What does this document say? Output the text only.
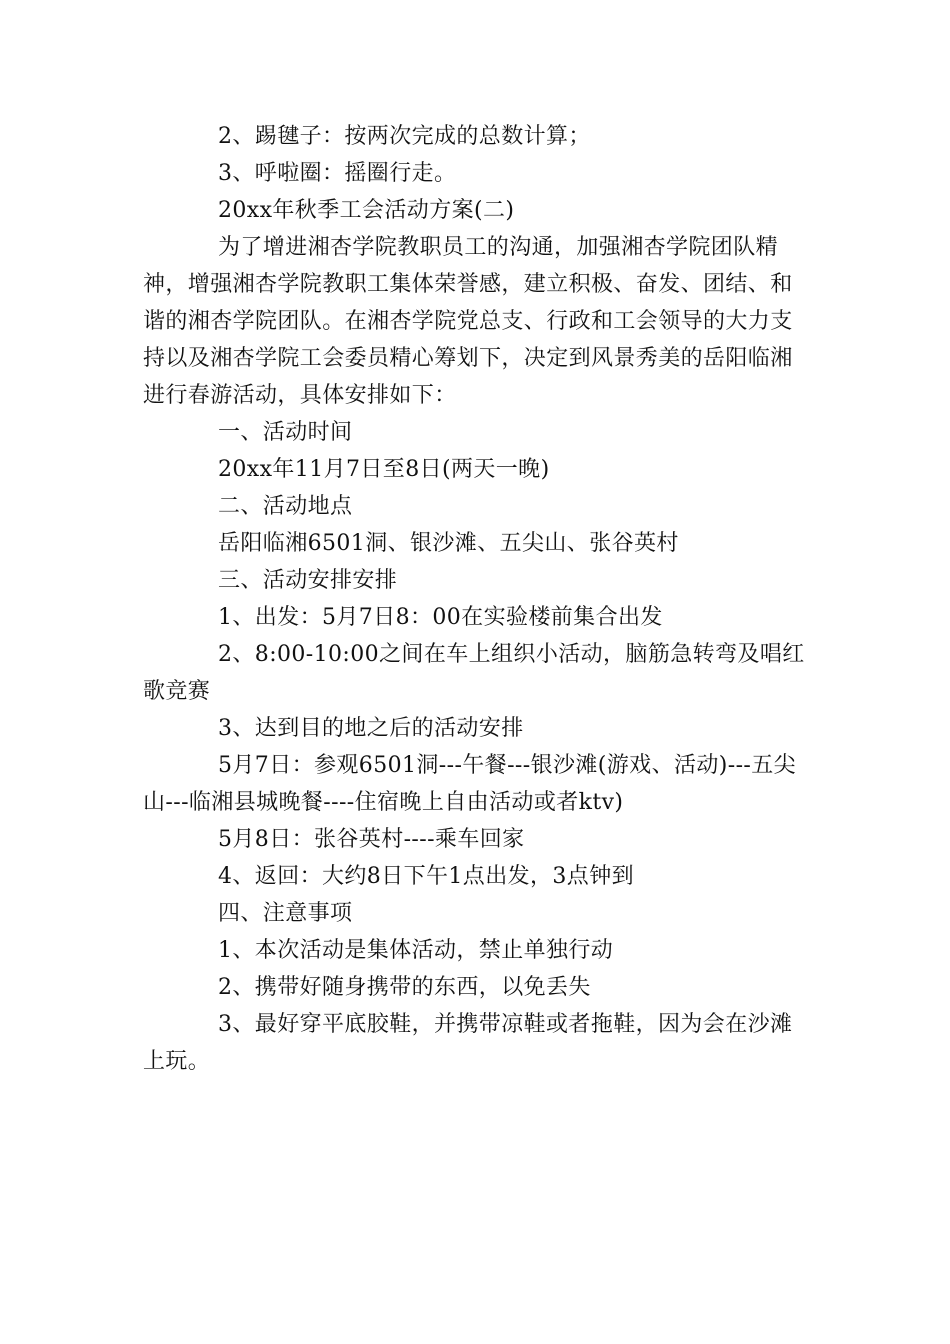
2、踢毽子：按两次完成的总数计算；

3、呼啦圈：摇圈行走。

20xx年秋季工会活动方案(二)

为了增进湘杏学院教职员工的沟通，加强湘杏学院团队精神，增强湘杏学院教职工集体荣誉感，建立积极、奋发、团结、和谐的湘杏学院团队。在湘杏学院党总支、行政和工会领导的大力支持以及湘杏学院工会委员精心筹划下，决定到风景秀美的岳阳临湘进行春游活动，具体安排如下：

一、活动时间

20xx年11月7日至8日(两天一晚)

二、活动地点

岳阳临湘6501洞、银沙滩、五尖山、张谷英村

三、活动安排安排

1、出发：5月7日8：00在实验楼前集合出发

2、8:00-10:00之间在车上组织小活动，脑筋急转弯及唱红歌竞赛

3、达到目的地之后的活动安排

5月7日：参观6501洞---午餐---银沙滩(游戏、活动)---五尖山---临湘县城晚餐----住宿晚上自由活动或者ktv)

5月8日：张谷英村----乘车回家

4、返回：大约8日下午1点出发，3点钟到

四、注意事项

1、本次活动是集体活动，禁止单独行动

2、携带好随身携带的东西，以免丢失

3、最好穿平底胶鞋，并携带凉鞋或者拖鞋，因为会在沙滩上玩。
